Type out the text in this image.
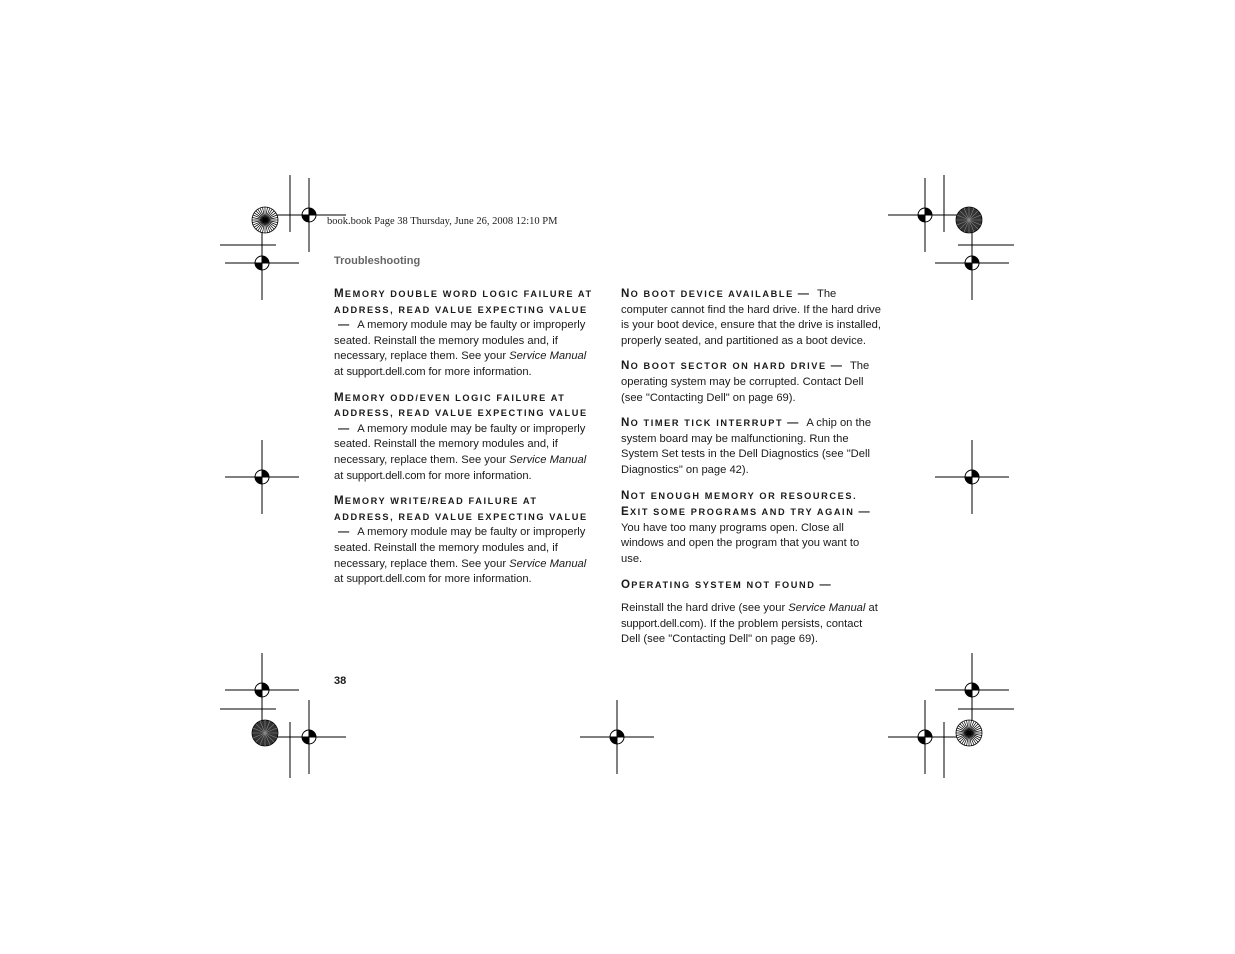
book.book Page 38 Thursday, June 26, 2008 12:10 PM
Troubleshooting

MEMORY DOUBLE WORD LOGIC FAILURE AT ADDRESS, READ VALUE EXPECTING VALUE— A memory module may be faulty or improperly seated. Reinstall the memory modules and, if necessary, replace them. See your Service Manual at support.dell.com for more information.

MEMORY ODD/EVEN LOGIC FAILURE AT ADDRESS, READ VALUE EXPECTING VALUE— A memory module may be faulty or improperly seated. Reinstall the memory modules and, if necessary, replace them. See your Service Manual at support.dell.com for more information.

MEMORY WRITE/READ FAILURE AT ADDRESS, READ VALUE EXPECTING VALUE— A memory module may be faulty or improperly seated. Reinstall the memory modules and, if necessary, replace them. See your Service Manual at support.dell.com for more information.

NO BOOT DEVICE AVAILABLE — The computer cannot find the hard drive. If the hard drive is your boot device, ensure that the drive is installed, properly seated, and partitioned as a boot device.

NO BOOT SECTOR ON HARD DRIVE — The operating system may be corrupted. Contact Dell (see "Contacting Dell" on page 69).

NO TIMER TICK INTERRUPT — A chip on the system board may be malfunctioning. Run the System Set tests in the Dell Diagnostics (see "Dell Diagnostics" on page 42).

NOT ENOUGH MEMORY OR RESOURCES. EXIT SOME PROGRAMS AND TRY AGAIN —You have too many programs open. Close all windows and open the program that you want to use.

OPERATING SYSTEM NOT FOUND —

Reinstall the hard drive (see your Service Manual at support.dell.com). If the problem persists, contact Dell (see "Contacting Dell" on page 69).

38
